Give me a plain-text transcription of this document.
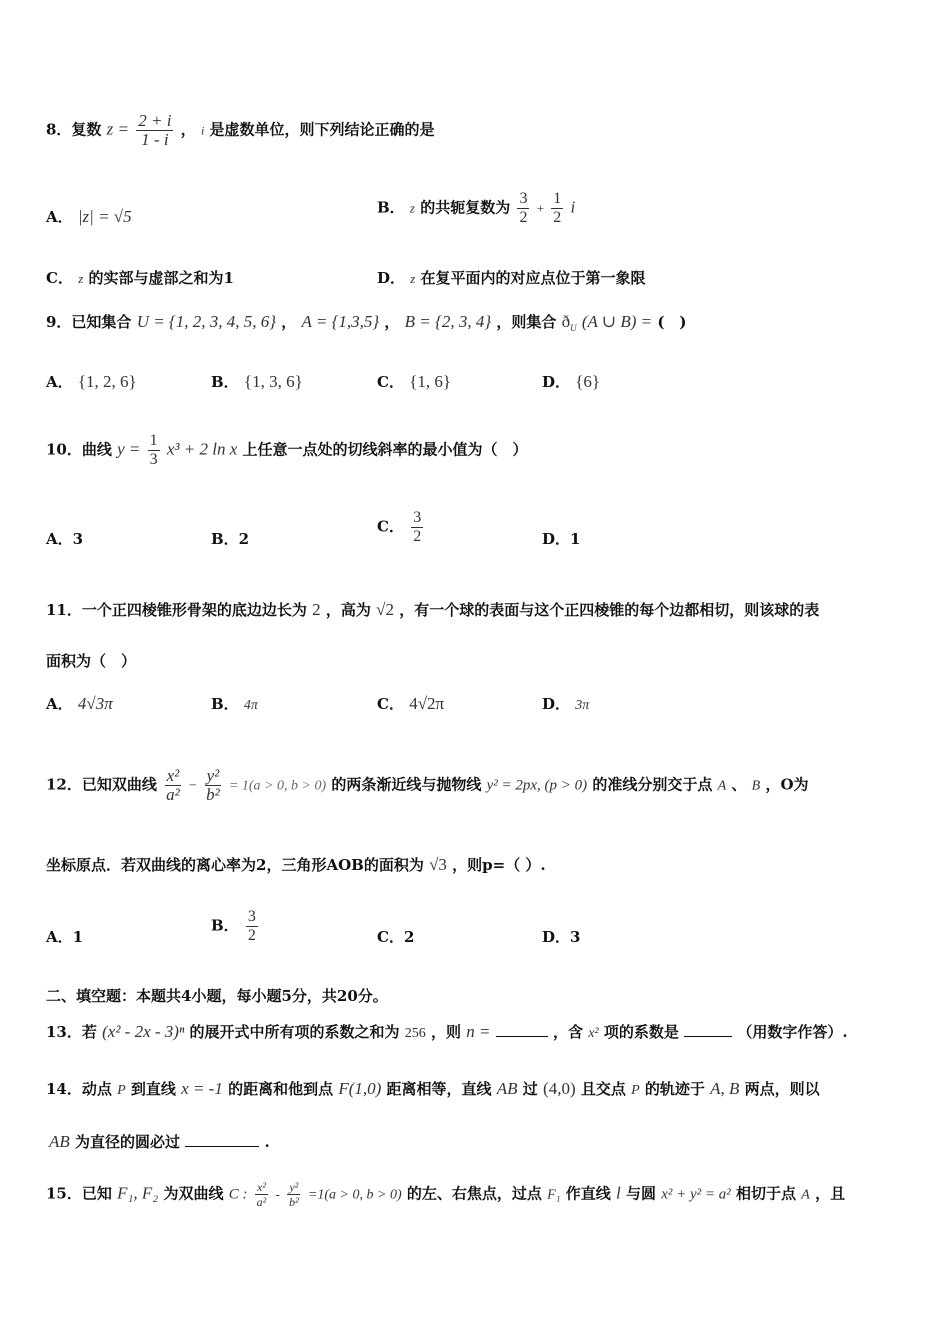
8．复数 $z = \frac{2 + i}{1 - i}$ ， i 是虚数单位，则下列结论正确的是
A． |z| = √5	B． z 的共轭复数为 $\frac{3}{2} + \frac{1}{2}$ i
C． z 的实部与虚部之和为1	D． z 在复平面内的对应点位于第一象限
9．已知集合 U = {1, 2, 3, 4, 5, 6} ， A = {1,3,5} ， B = {2, 3, 4} ，则集合 $ð_U$ (A ∪ B) = (　)
A． {1, 2, 6}	B． {1, 3, 6}	C． {1, 6}	D． {6}
10．曲线 $y = \frac{1}{3} x^3 + 2$ ln x 上任意一点处的切线斜率的最小值为（　）
A．3	B．2
C． $\frac{3}{2}$	D．1
11．一个正四棱锥形骨架的底边边长为 2 ，高为 √2 ，有一个球的表面与这个正四棱锥的每个边都相切，则该球的表
面积为（　）
A． 4√3π	B． 4π	C． 4√2π	D． 3π
12．已知双曲线 $\frac{\text{x²}}{\text{a²}} - \frac{\text{y²}}{\text{b²}} = 1(a > 0$, b > 0) 的两条渐近线与抛物线 y² = 2px, (p > 0) 的准线分别交于点 A 、 B ，O为
坐标原点．若双曲线的离心率为2，三角形AOB的面积为 √3 ，则p=（ ）.
A．1
B． $\frac{3}{2}$	C．2	D．3
二、填空题：本题共4小题，每小题5分，共20分。
13．若 (x² - 2x - 3)ⁿ 的展开式中所有项的系数之和为 256 ，则 n =	，含 x² 项的系数是	（用数字作答）.
14．动点 P 到直线 x = -1 的距离和他到点 F(1,0) 距离相等，直线 AB 过 (4,0) 且交点 P 的轨迹于 A, B 两点，则以
AB 为直径的圆必过	.
15．已知 F₁, F₂ 为双曲线 C : $\frac{\text{x²}}{\text{a²}} - \frac{\text{y²}}{\text{b²}} =1(a > 0$, b > 0) 的左、右焦点，过点 F₁ 作直线 l 与圆 x² + y² = a² 相切于点 A ，且
